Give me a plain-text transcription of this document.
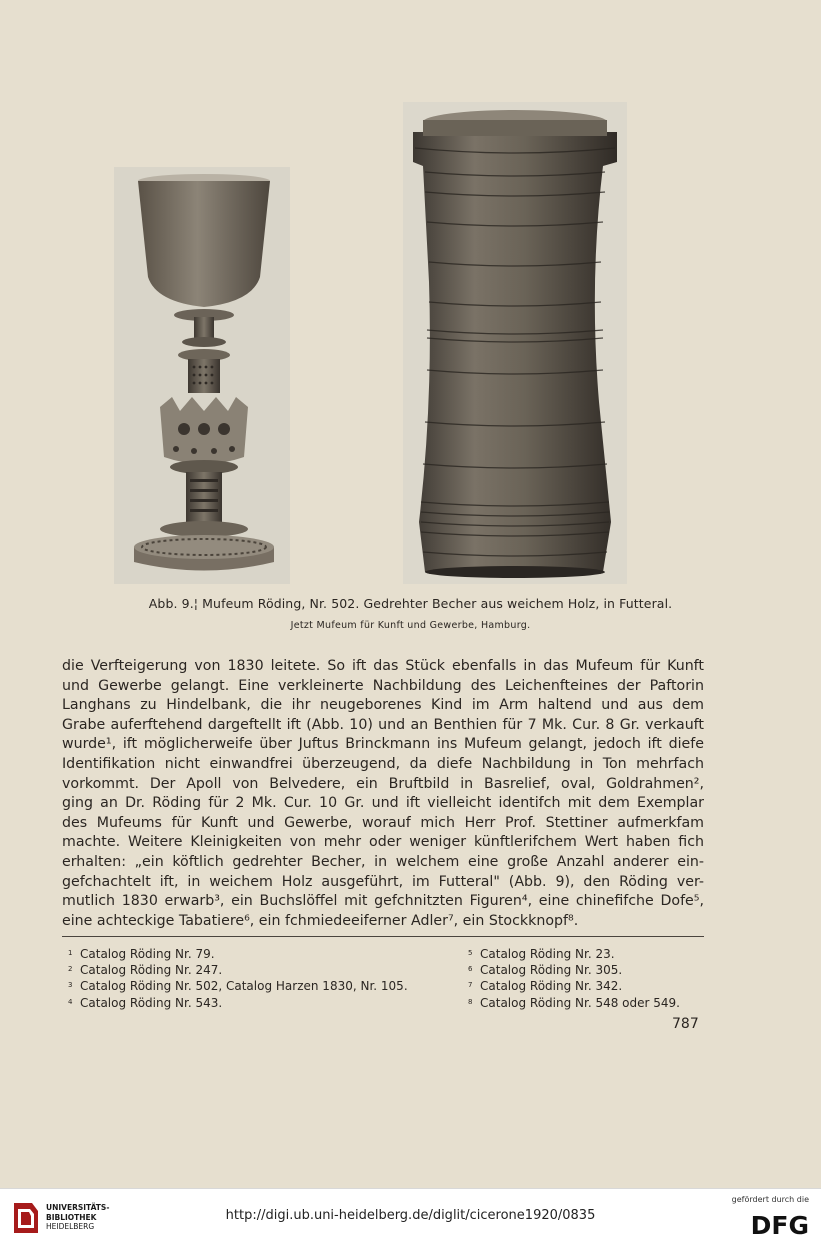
Abb. 9.¦ Mufeum Röding, Nr. 502. Gedrehter Becher aus weichem Holz, in Futteral.
Jetzt Mufeum für Kunft und Gewerbe, Hamburg.
die Verfteigerung von 1830 leitete. So ift das Stück ebenfalls in das Mufeum für Kunft
und Gewerbe gelangt. Eine verkleinerte Nachbildung des Leichenfteines der Paftorin
Langhans zu Hindelbank, die ihr neugeborenes Kind im Arm haltend und aus dem
Grabe auferftehend dargeftellt ift (Abb. 10) und an Benthien für 7 Mk. Cur. 8 Gr. verkauft
wurde¹, ift möglicherweife über Juftus Brinckmann ins Mufeum gelangt, jedoch ift diefe
Identifikation nicht einwandfrei überzeugend, da diefe Nachbildung in Ton mehrfach
vorkommt. Der Apoll von Belvedere, ein Bruftbild in Basrelief, oval, Goldrahmen²,
ging an Dr. Röding für 2 Mk. Cur. 10 Gr. und ift vielleicht identifch mit dem Exemplar
des Mufeums für Kunft und Gewerbe, worauf mich Herr Prof. Stettiner aufmerkfam
machte. Weitere Kleinigkeiten von mehr oder weniger künftlerifchem Wert haben fich
erhalten: „ein köftlich gedrehter Becher, in welchem eine große Anzahl anderer ein-
gefchachtelt ift, in weichem Holz ausgeführt, im Futteral" (Abb. 9), den Röding ver-
mutlich 1830 erwarb³, ein Buchslöffel mit gefchnitzten Figuren⁴, eine chinefifche Dofe⁵,
eine achteckige Tabatiere⁶, ein fchmiedeeiferner Adler⁷, ein Stockknopf⁸.
1 Catalog Röding Nr. 79.
2 Catalog Röding Nr. 247.
3 Catalog Röding Nr. 502, Catalog Harzen 1830, Nr. 105.
4 Catalog Röding Nr. 543.
5 Catalog Röding Nr. 23.
6 Catalog Röding Nr. 305.
7 Catalog Röding Nr. 342.
8 Catalog Röding Nr. 548 oder 549.
787
UNIVERSITÄTS-
BIBLIOTHEK
HEIDELBERG
http://digi.ub.uni-heidelberg.de/diglit/cicerone1920/0835
gefördert durch die
DFG
